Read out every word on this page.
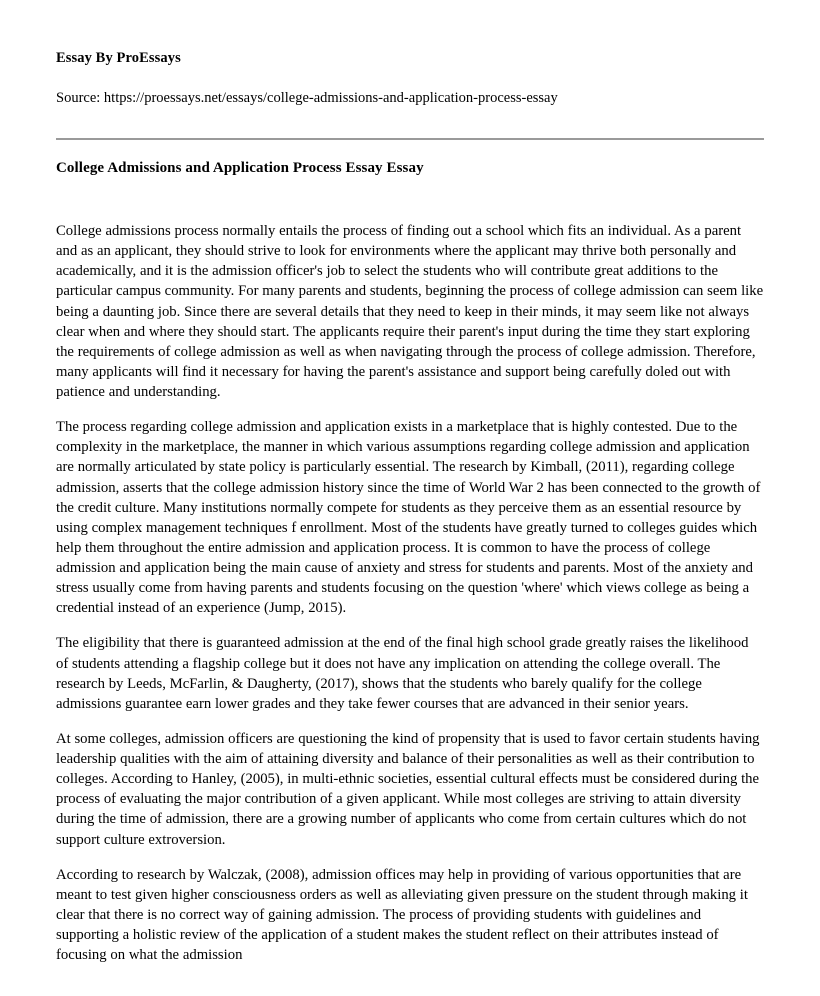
Essay By ProEssays
Source: https://proessays.net/essays/college-admissions-and-application-process-essay
College Admissions and Application Process Essay Essay

College admissions process normally entails the process of finding out a school which fits an individual. As a parent and as an applicant, they should strive to look for environments where the applicant may thrive both personally and academically, and it is the admission officer's job to select the students who will contribute great additions to the particular campus community. For many parents and students, beginning the process of college admission can seem like being a daunting job. Since there are several details that they need to keep in their minds, it may seem like not always clear when and where they should start. The applicants require their parent's input during the time they start exploring the requirements of college admission as well as when navigating through the process of college admission. Therefore, many applicants will find it necessary for having the parent's assistance and support being carefully doled out with patience and understanding.

The process regarding college admission and application exists in a marketplace that is highly contested. Due to the complexity in the marketplace, the manner in which various assumptions regarding college admission and application are normally articulated by state policy is particularly essential. The research by Kimball, (2011), regarding college admission, asserts that the college admission history since the time of World War 2 has been connected to the growth of the credit culture. Many institutions normally compete for students as they perceive them as an essential resource by using complex management techniques f enrollment. Most of the students have greatly turned to colleges guides which help them throughout the entire admission and application process. It is common to have the process of college admission and application being the main cause of anxiety and stress for students and parents. Most of the anxiety and stress usually come from having parents and students focusing on the question 'where' which views college as being a credential instead of an experience (Jump, 2015).

The eligibility that there is guaranteed admission at the end of the final high school grade greatly raises the likelihood of students attending a flagship college but it does not have any implication on attending the college overall. The research by Leeds, McFarlin, & Daugherty, (2017), shows that the students who barely qualify for the college admissions guarantee earn lower grades and they take fewer courses that are advanced in their senior years.

At some colleges, admission officers are questioning the kind of propensity that is used to favor certain students having leadership qualities with the aim of attaining diversity and balance of their personalities as well as their contribution to colleges. According to Hanley, (2005), in multi-ethnic societies, essential cultural effects must be considered during the process of evaluating the major contribution of a given applicant. While most colleges are striving to attain diversity during the time of admission, there are a growing number of applicants who come from certain cultures which do not support culture extroversion.

According to research by Walczak, (2008), admission offices may help in providing of various opportunities that are meant to test given higher consciousness orders as well as alleviating given pressure on the student through making it clear that there is no correct way of gaining admission. The process of providing students with guidelines and supporting a holistic review of the application of a student makes the student reflect on their attributes instead of focusing on what the admission
